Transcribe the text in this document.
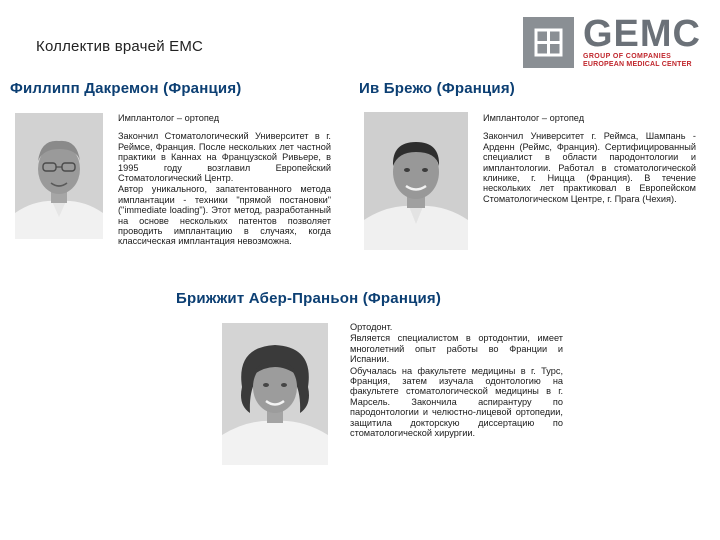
Коллектив врачей ЕМС	GEMC
GROUP OF COMPANIES
EUROPEAN MEDICAL CENTER
Филлипп Дакремон (Франция)

Имплантолог – ортопед

Закончил Стоматологический Университет в г. Реймсе, Франция. После нескольких лет частной практики в Каннах на Французской Ривьере, в 1995 году возглавил Европейский Стоматологический Центр.

Автор уникального, запатентованного метода имплантации - техники "прямой постановки" ("immediate loading"). Этот метод, разработанный на основе нескольких патентов позволяет проводить имплантацию в случаях, когда классическая имплантация невозможна.

Ив Брежо (Франция)

Имплантолог – ортопед

Закончил Университет г. Реймса, Шампань - Арденн (Реймс, Франция). Сертифицированный специалист в области пародонтологии и имплантологии. Работал в стоматологической клинике, г. Ницца (Франция). В течение нескольких лет практиковал в Европейском Стоматологическом Центре, г. Прага (Чехия).

Брижжит Абер-Праньон (Франция)

Ортодонт.

Является специалистом в ортодонтии, имеет многолетний опыт работы во Франции и Испании.

Обучалась на факультете медицины в г. Турс, Франция, затем изучала одонтологию на факультете стоматологической медицины в г. Марсель. Закончила аспирантуру по пародонтологии и челюстно-лицевой ортопедии, защитила докторскую диссертацию по стоматологической хирургии.
